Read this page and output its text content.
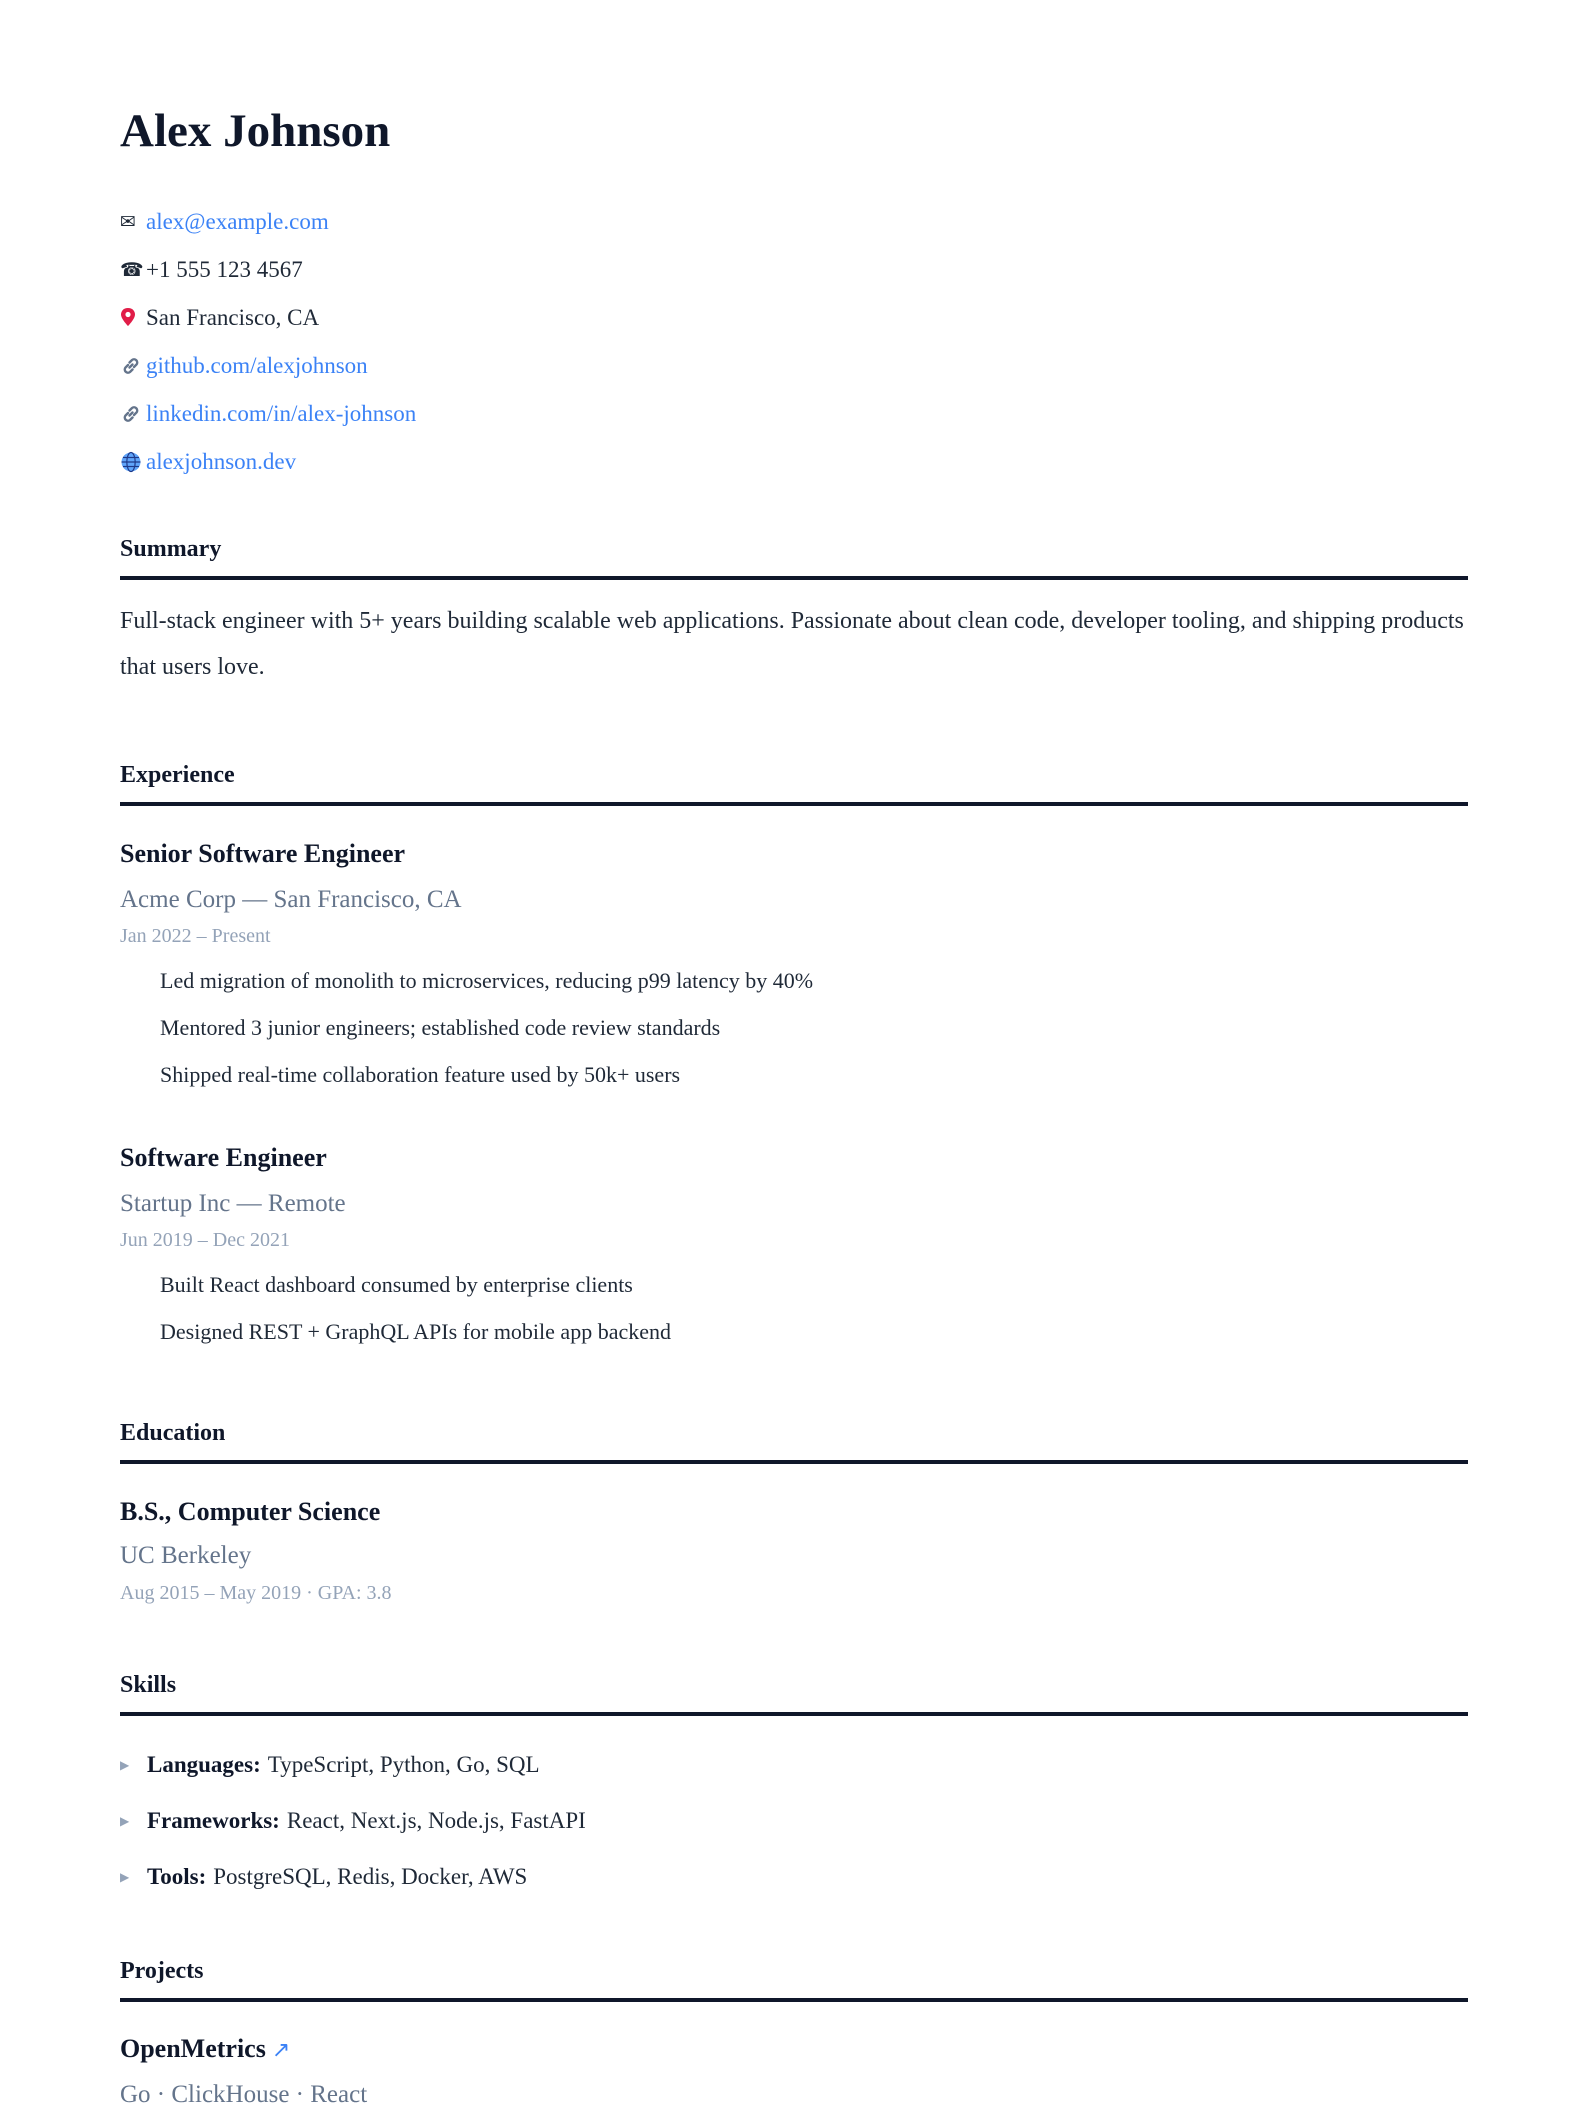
Alex Johnson
✉ alex@example.com
☎ +1 555 123 4567
San Francisco, CA
github.com/alexjohnson
linkedin.com/in/alex-johnson
alexjohnson.dev
Summary

Full-stack engineer with 5+ years building scalable web applications. Passionate about clean code, developer tooling, and shipping products that users love.

Experience
Senior Software Engineer
Acme Corp — San Francisco, CA
Jan 2022 – Present
Led migration of monolith to microservices, reducing p99 latency by 40%
Mentored 3 junior engineers; established code review standards
Shipped real-time collaboration feature used by 50k+ users
Software Engineer
Startup Inc — Remote
Jun 2019 – Dec 2021
Built React dashboard consumed by enterprise clients
Designed REST + GraphQL APIs for mobile app backend
Education
B.S., Computer Science
UC Berkeley
Aug 2015 – May 2019 · GPA: 3.8
Skills
▶ Languages: TypeScript, Python, Go, SQL
▶ Frameworks: React, Next.js, Node.js, FastAPI
▶ Tools: PostgreSQL, Redis, Docker, AWS
Projects
OpenMetrics ↗
Go · ClickHouse · React
